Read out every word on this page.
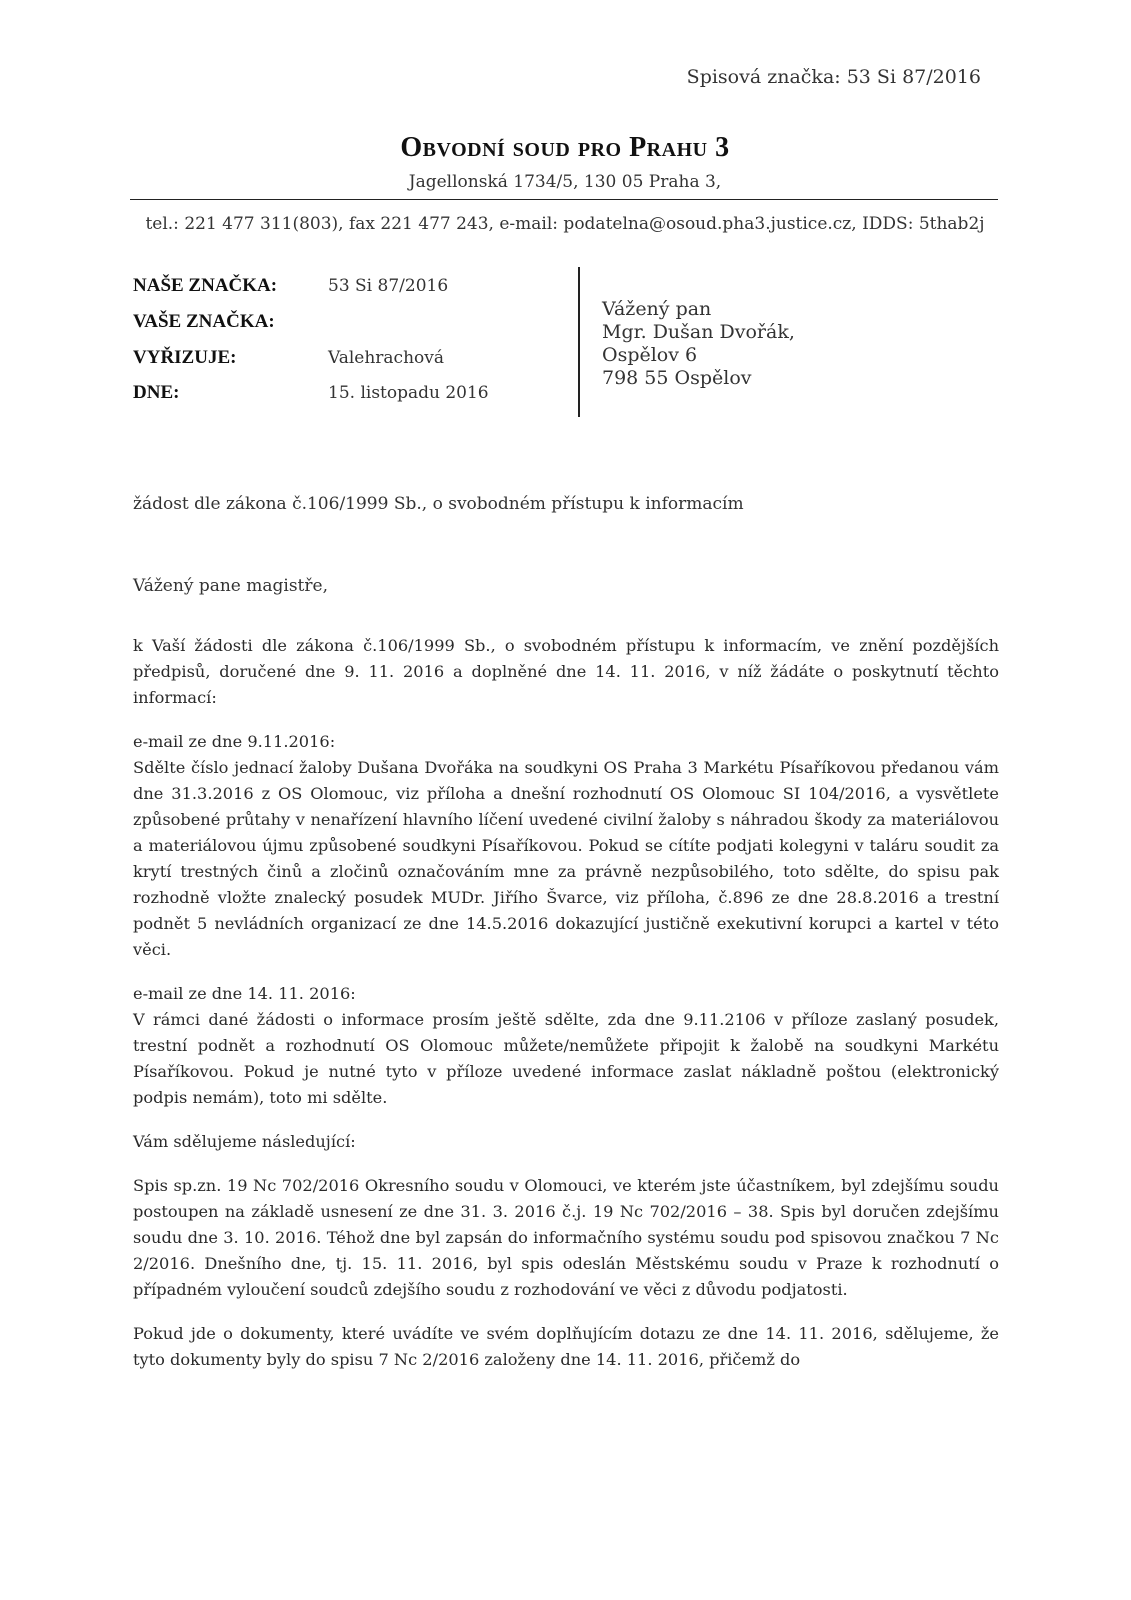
Spisová značka: 53 Si 87/2016
Obvodní soud pro Prahu 3
Jagellonská 1734/5, 130 05 Praha 3,
tel.: 221 477 311(803), fax 221 477 243, e-mail: podatelna@osoud.pha3.justice.cz, IDDS: 5thab2j
NAŠE ZNAČKA:	53 Si 87/2016
VAŠE ZNAČKA:
VYŘIZUJE:	Valehrachová
DNE:	15. listopadu 2016
Vážený pan
Mgr. Dušan Dvořák,
Ospělov 6
798 55 Ospělov
žádost dle zákona č.106/1999 Sb., o svobodném přístupu k informacím
Vážený pane magistře,

k Vaší žádosti dle zákona č.106/1999 Sb., o svobodném přístupu k informacím, ve znění pozdějších předpisů, doručené dne 9. 11. 2016 a doplněné dne 14. 11. 2016, v níž žádáte o poskytnutí těchto informací:

e-mail ze dne 9.11.2016:

Sdělte číslo jednací žaloby Dušana Dvořáka na soudkyni OS Praha 3 Markétu Písaříkovou předanou vám dne 31.3.2016 z OS Olomouc, viz příloha a dnešní rozhodnutí OS Olomouc SI 104/2016, a vysvětlete způsobené průtahy v nenařízení hlavního líčení uvedené civilní žaloby s náhradou škody za materiálovou a materiálovou újmu způsobené soudkyni Písaříkovou. Pokud se cítíte podjati kolegyni v taláru soudit za krytí trestných činů a zločinů označováním mne za právně nezpůsobilého, toto sdělte, do spisu pak rozhodně vložte znalecký posudek MUDr. Jiřího Švarce, viz příloha, č.896 ze dne 28.8.2016 a trestní podnět 5 nevládních organizací ze dne 14.5.2016 dokazující justičně exekutivní korupci a kartel v této věci.

e-mail ze dne 14. 11. 2016:

V rámci dané žádosti o informace prosím ještě sdělte, zda dne 9.11.2106 v příloze zaslaný posudek, trestní podnět a rozhodnutí OS Olomouc můžete/nemůžete připojit k žalobě na soudkyni Markétu Písaříkovou. Pokud je nutné tyto v příloze uvedené informace zaslat nákladně poštou (elektronický podpis nemám), toto mi sdělte.

Vám sdělujeme následující:

Spis sp.zn. 19 Nc 702/2016 Okresního soudu v Olomouci, ve kterém jste účastníkem, byl zdejšímu soudu postoupen na základě usnesení ze dne 31. 3. 2016 č.j. 19 Nc 702/2016 – 38. Spis byl doručen zdejšímu soudu dne 3. 10. 2016. Téhož dne byl zapsán do informačního systému soudu pod spisovou značkou 7 Nc 2/2016. Dnešního dne, tj. 15. 11. 2016, byl spis odeslán Městskému soudu v Praze k rozhodnutí o případném vyloučení soudců zdejšího soudu z rozhodování ve věci z důvodu podjatosti.

Pokud jde o dokumenty, které uvádíte ve svém doplňujícím dotazu ze dne 14. 11. 2016, sdělujeme, že tyto dokumenty byly do spisu 7 Nc 2/2016 založeny dne 14. 11. 2016, přičemž do
